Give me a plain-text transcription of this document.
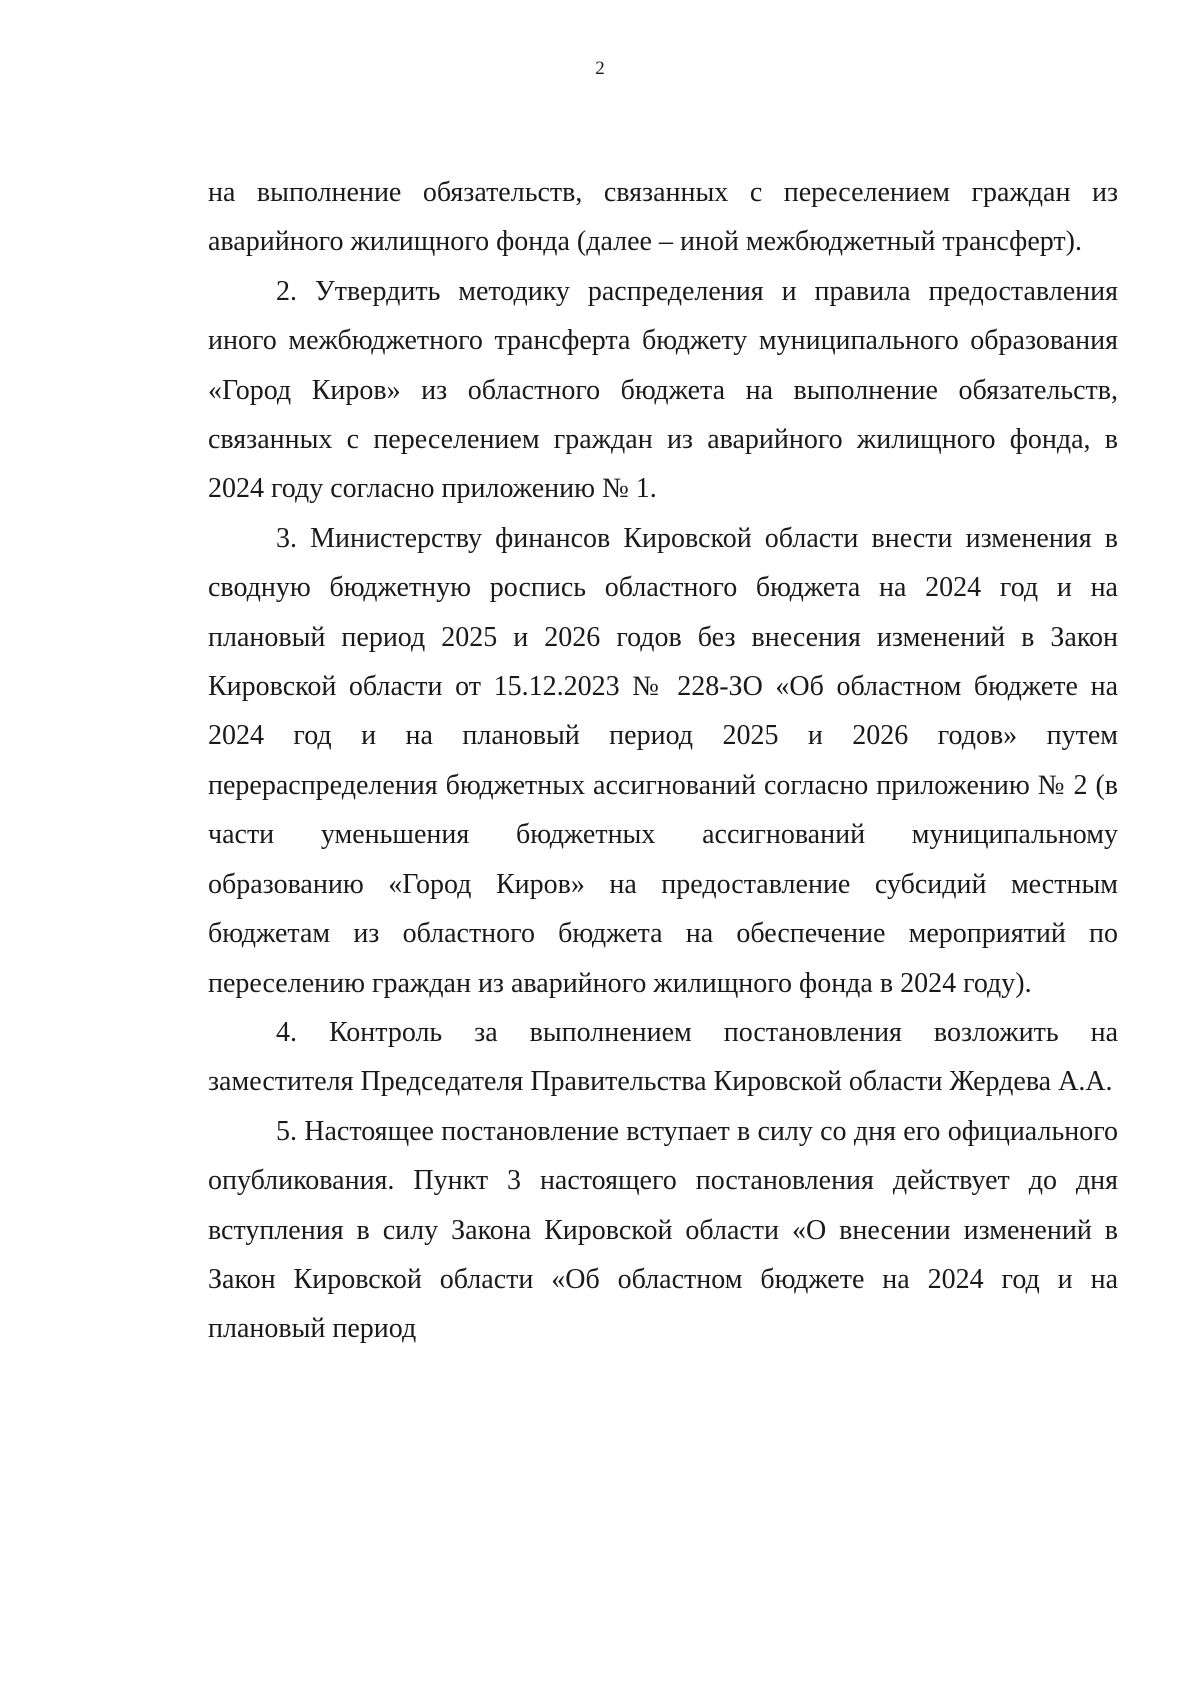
2

на выполнение обязательств, связанных с переселением граждан из аварийного жилищного фонда (далее – иной межбюджетный трансферт).

2. Утвердить методику распределения и правила предоставления иного межбюджетного трансферта бюджету муниципального образования «Город Киров» из областного бюджета на выполнение обязательств, связанных с переселением граждан из аварийного жилищного фонда, в 2024 году согласно приложению № 1.

3. Министерству финансов Кировской области внести изменения в сводную бюджетную роспись областного бюджета на 2024 год и на плановый период 2025 и 2026 годов без внесения изменений в Закон Кировской области от 15.12.2023 № 228-ЗО «Об областном бюджете на 2024 год и на плановый период 2025 и 2026 годов» путем перераспределения бюджетных ассигнований согласно приложению № 2 (в части уменьшения бюджетных ассигнований муниципальному образованию «Город Киров» на предоставление субсидий местным бюджетам из областного бюджета на обеспечение мероприятий по переселению граждан из аварийного жилищного фонда в 2024 году).

4. Контроль за выполнением постановления возложить на заместителя Председателя Правительства Кировской области Жердева А.А.

5. Настоящее постановление вступает в силу со дня его официального опубликования. Пункт 3 настоящего постановления действует до дня вступления в силу Закона Кировской области «О внесении изменений в Закон Кировской области «Об областном бюджете на 2024 год и на плановый период
